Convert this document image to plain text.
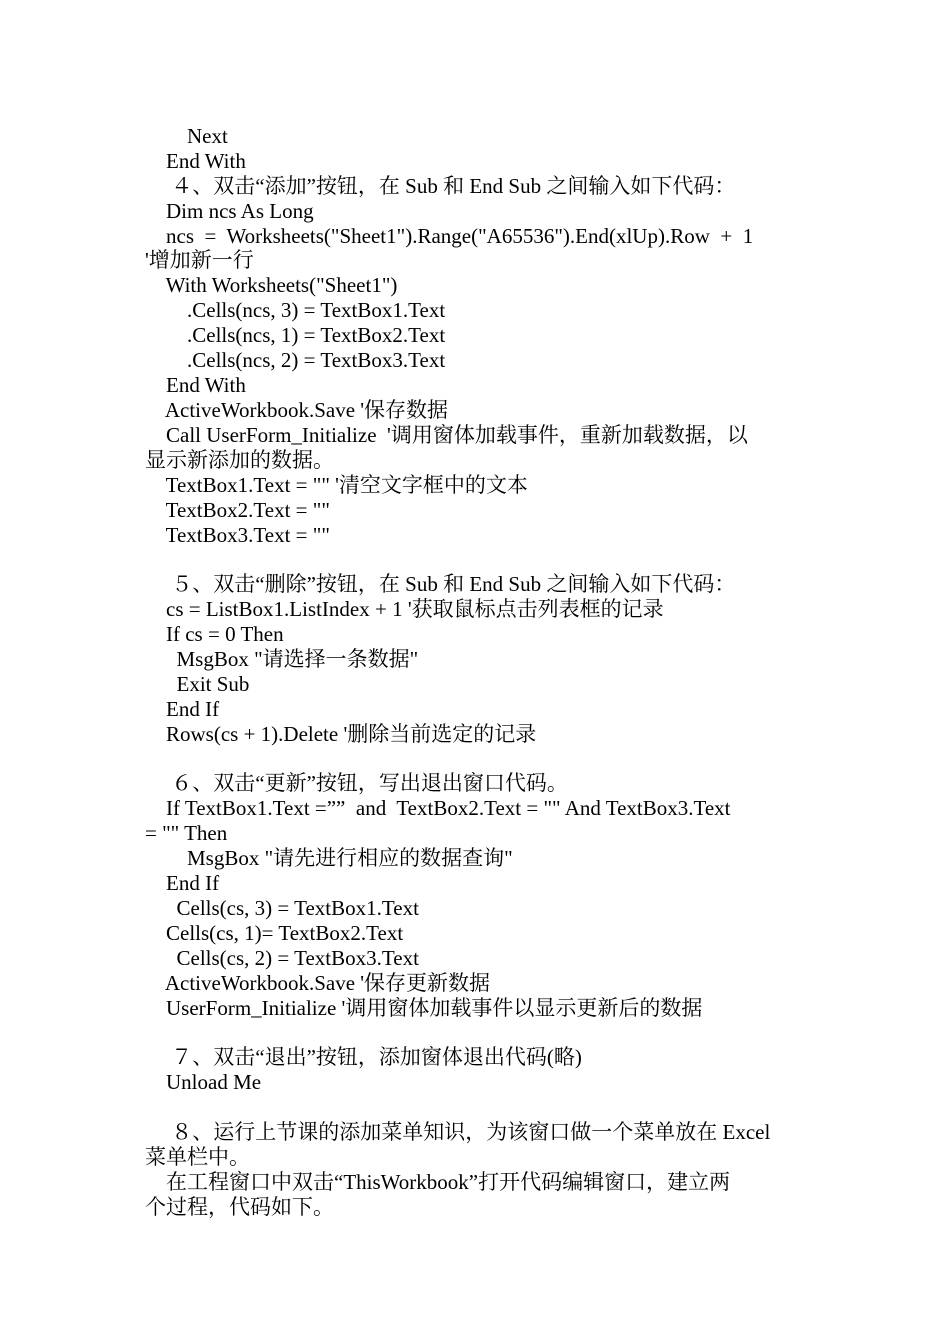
Next
End With
４、双击“添加”按钮，在 Sub 和 End Sub 之间输入如下代码：
Dim ncs As Long
ncs  =  Worksheets("Sheet1").Range("A65536").End(xlUp).Row  +  1
'增加新一行
With Worksheets("Sheet1")
.Cells(ncs, 3) = TextBox1.Text
.Cells(ncs, 1) = TextBox2.Text
.Cells(ncs, 2) = TextBox3.Text
End With
ActiveWorkbook.Save '保存数据
Call UserForm_Initialize  '调用窗体加载事件，重新加载数据，以
显示新添加的数据。
TextBox1.Text = "" '清空文字框中的文本
TextBox2.Text = ""
TextBox3.Text = ""
５、双击“删除”按钮，在 Sub 和 End Sub 之间输入如下代码：
cs = ListBox1.ListIndex + 1 '获取鼠标点击列表框的记录
If cs = 0 Then
MsgBox "请选择一条数据"
Exit Sub
End If
Rows(cs + 1).Delete '删除当前选定的记录
６、双击“更新”按钮，写出退出窗口代码。
If TextBox1.Text =””  and  TextBox2.Text = "" And TextBox3.Text
= "" Then
MsgBox "请先进行相应的数据查询"
End If
Cells(cs, 3) = TextBox1.Text
Cells(cs, 1)= TextBox2.Text
Cells(cs, 2) = TextBox3.Text
ActiveWorkbook.Save '保存更新数据
UserForm_Initialize '调用窗体加载事件以显示更新后的数据
７、双击“退出”按钮，添加窗体退出代码(略)
Unload Me
８、运行上节课的添加菜单知识，为该窗口做一个菜单放在 Excel
菜单栏中。
在工程窗口中双击“ThisWorkbook”打开代码编辑窗口，建立两
个过程，代码如下。
